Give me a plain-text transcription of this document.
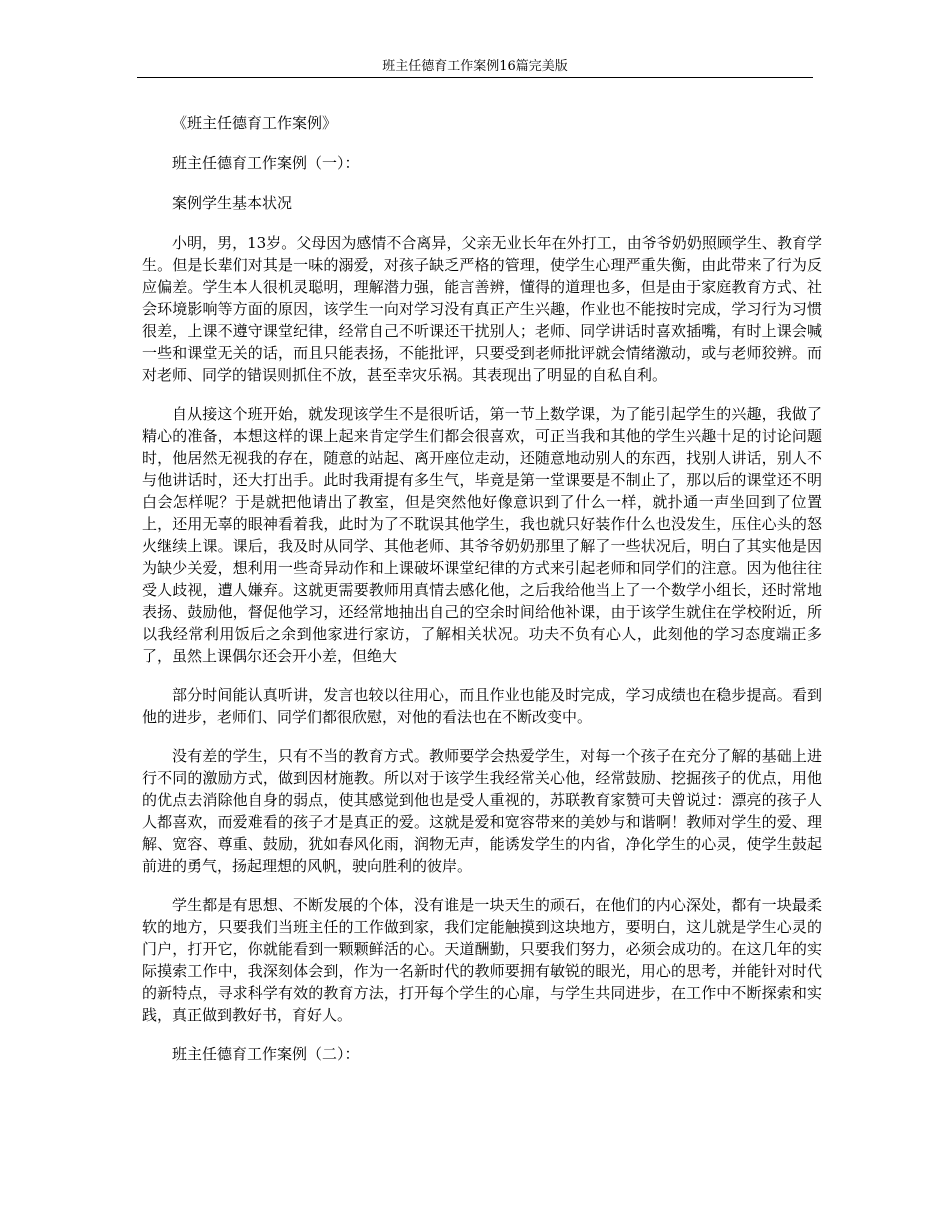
班主任德育工作案例16篇完美版

《班主任德育工作案例》

班主任德育工作案例（一）：

案例学生基本状况

小明，男，13岁。父母因为感情不合离异，父亲无业长年在外打工，由爷爷奶奶照顾学生、教育学生。但是长辈们对其是一味的溺爱，对孩子缺乏严格的管理，使学生心理严重失衡，由此带来了行为反应偏差。学生本人很机灵聪明，理解潜力强，能言善辨，懂得的道理也多，但是由于家庭教育方式、社会环境影响等方面的原因，该学生一向对学习没有真正产生兴趣，作业也不能按时完成，学习行为习惯很差，上课不遵守课堂纪律，经常自己不听课还干扰别人；老师、同学讲话时喜欢插嘴，有时上课会喊一些和课堂无关的话，而且只能表扬，不能批评，只要受到老师批评就会情绪激动，或与老师狡辨。而对老师、同学的错误则抓住不放，甚至幸灾乐祸。其表现出了明显的自私自利。

自从接这个班开始，就发现该学生不是很听话，第一节上数学课，为了能引起学生的兴趣，我做了精心的准备，本想这样的课上起来肯定学生们都会很喜欢，可正当我和其他的学生兴趣十足的讨论问题时，他居然无视我的存在，随意的站起、离开座位走动，还随意地动别人的东西，找别人讲话，别人不与他讲话时，还大打出手。此时我甭提有多生气，毕竟是第一堂课要是不制止了，那以后的课堂还不明白会怎样呢？于是就把他请出了教室，但是突然他好像意识到了什么一样，就扑通一声坐回到了位置上，还用无辜的眼神看着我，此时为了不耽误其他学生，我也就只好装作什么也没发生，压住心头的怒火继续上课。课后，我及时从同学、其他老师、其爷爷奶奶那里了解了一些状况后，明白了其实他是因为缺少关爱，想利用一些奇异动作和上课破坏课堂纪律的方式来引起老师和同学们的注意。因为他往往受人歧视，遭人嫌弃。这就更需要教师用真情去感化他，之后我给他当上了一个数学小组长，还时常地表扬、鼓励他，督促他学习，还经常地抽出自己的空余时间给他补课，由于该学生就住在学校附近，所以我经常利用饭后之余到他家进行家访，了解相关状况。功夫不负有心人，此刻他的学习态度端正多了，虽然上课偶尔还会开小差，但绝大

部分时间能认真听讲，发言也较以往用心，而且作业也能及时完成，学习成绩也在稳步提高。看到他的进步，老师们、同学们都很欣慰，对他的看法也在不断改变中。

没有差的学生，只有不当的教育方式。教师要学会热爱学生，对每一个孩子在充分了解的基础上进行不同的激励方式，做到因材施教。所以对于该学生我经常关心他，经常鼓励、挖掘孩子的优点，用他的优点去消除他自身的弱点，使其感觉到他也是受人重视的，苏联教育家赞可夫曾说过：漂亮的孩子人人都喜欢，而爱难看的孩子才是真正的爱。这就是爱和宽容带来的美妙与和谐啊！教师对学生的爱、理解、宽容、尊重、鼓励，犹如春风化雨，润物无声，能诱发学生的内省，净化学生的心灵，使学生鼓起前进的勇气，扬起理想的风帆，驶向胜利的彼岸。

学生都是有思想、不断发展的个体，没有谁是一块天生的顽石，在他们的内心深处，都有一块最柔软的地方，只要我们当班主任的工作做到家，我们定能触摸到这块地方，要明白，这儿就是学生心灵的门户，打开它，你就能看到一颗颗鲜活的心。天道酬勤，只要我们努力，必须会成功的。在这几年的实际摸索工作中，我深刻体会到，作为一名新时代的教师要拥有敏锐的眼光，用心的思考，并能针对时代的新特点，寻求科学有效的教育方法，打开每个学生的心扉，与学生共同进步，在工作中不断探索和实践，真正做到教好书，育好人。

班主任德育工作案例（二）：
